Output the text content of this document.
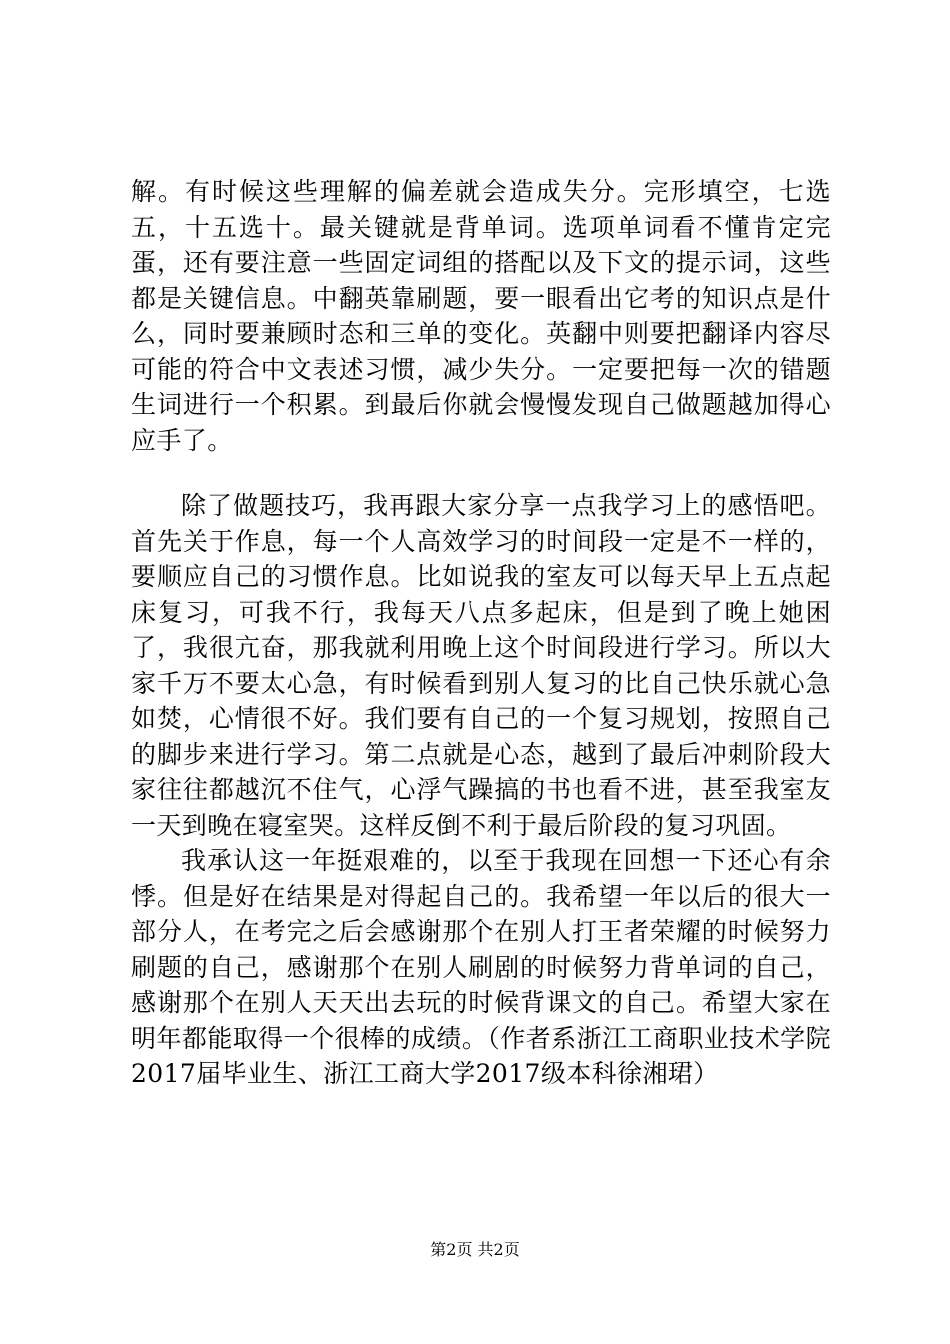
解。有时候这些理解的偏差就会造成失分。完形填空，七选五，十五选十。最关键就是背单词。选项单词看不懂肯定完蛋，还有要注意一些固定词组的搭配以及下文的提示词，这些都是关键信息。中翻英靠刷题，要一眼看出它考的知识点是什么，同时要兼顾时态和三单的变化。英翻中则要把翻译内容尽可能的符合中文表述习惯，减少失分。一定要把每一次的错题生词进行一个积累。到最后你就会慢慢发现自己做题越加得心应手了。

除了做题技巧，我再跟大家分享一点我学习上的感悟吧。首先关于作息，每一个人高效学习的时间段一定是不一样的，要顺应自己的习惯作息。比如说我的室友可以每天早上五点起床复习，可我不行，我每天八点多起床，但是到了晚上她困了，我很亢奋，那我就利用晚上这个时间段进行学习。所以大家千万不要太心急，有时候看到别人复习的比自己快乐就心急如焚，心情很不好。我们要有自己的一个复习规划，按照自己的脚步来进行学习。第二点就是心态，越到了最后冲刺阶段大家往往都越沉不住气，心浮气躁搞的书也看不进，甚至我室友一天到晚在寝室哭。这样反倒不利于最后阶段的复习巩固。

我承认这一年挺艰难的，以至于我现在回想一下还心有余悸。但是好在结果是对得起自己的。我希望一年以后的很大一部分人，在考完之后会感谢那个在别人打王者荣耀的时候努力刷题的自己，感谢那个在别人刷剧的时候努力背单词的自己，感谢那个在别人天天出去玩的时候背课文的自己。希望大家在明年都能取得一个很棒的成绩。（作者系浙江工商职业技术学院2017届毕业生、浙江工商大学2017级本科徐湘珺）

第2页 共2页
